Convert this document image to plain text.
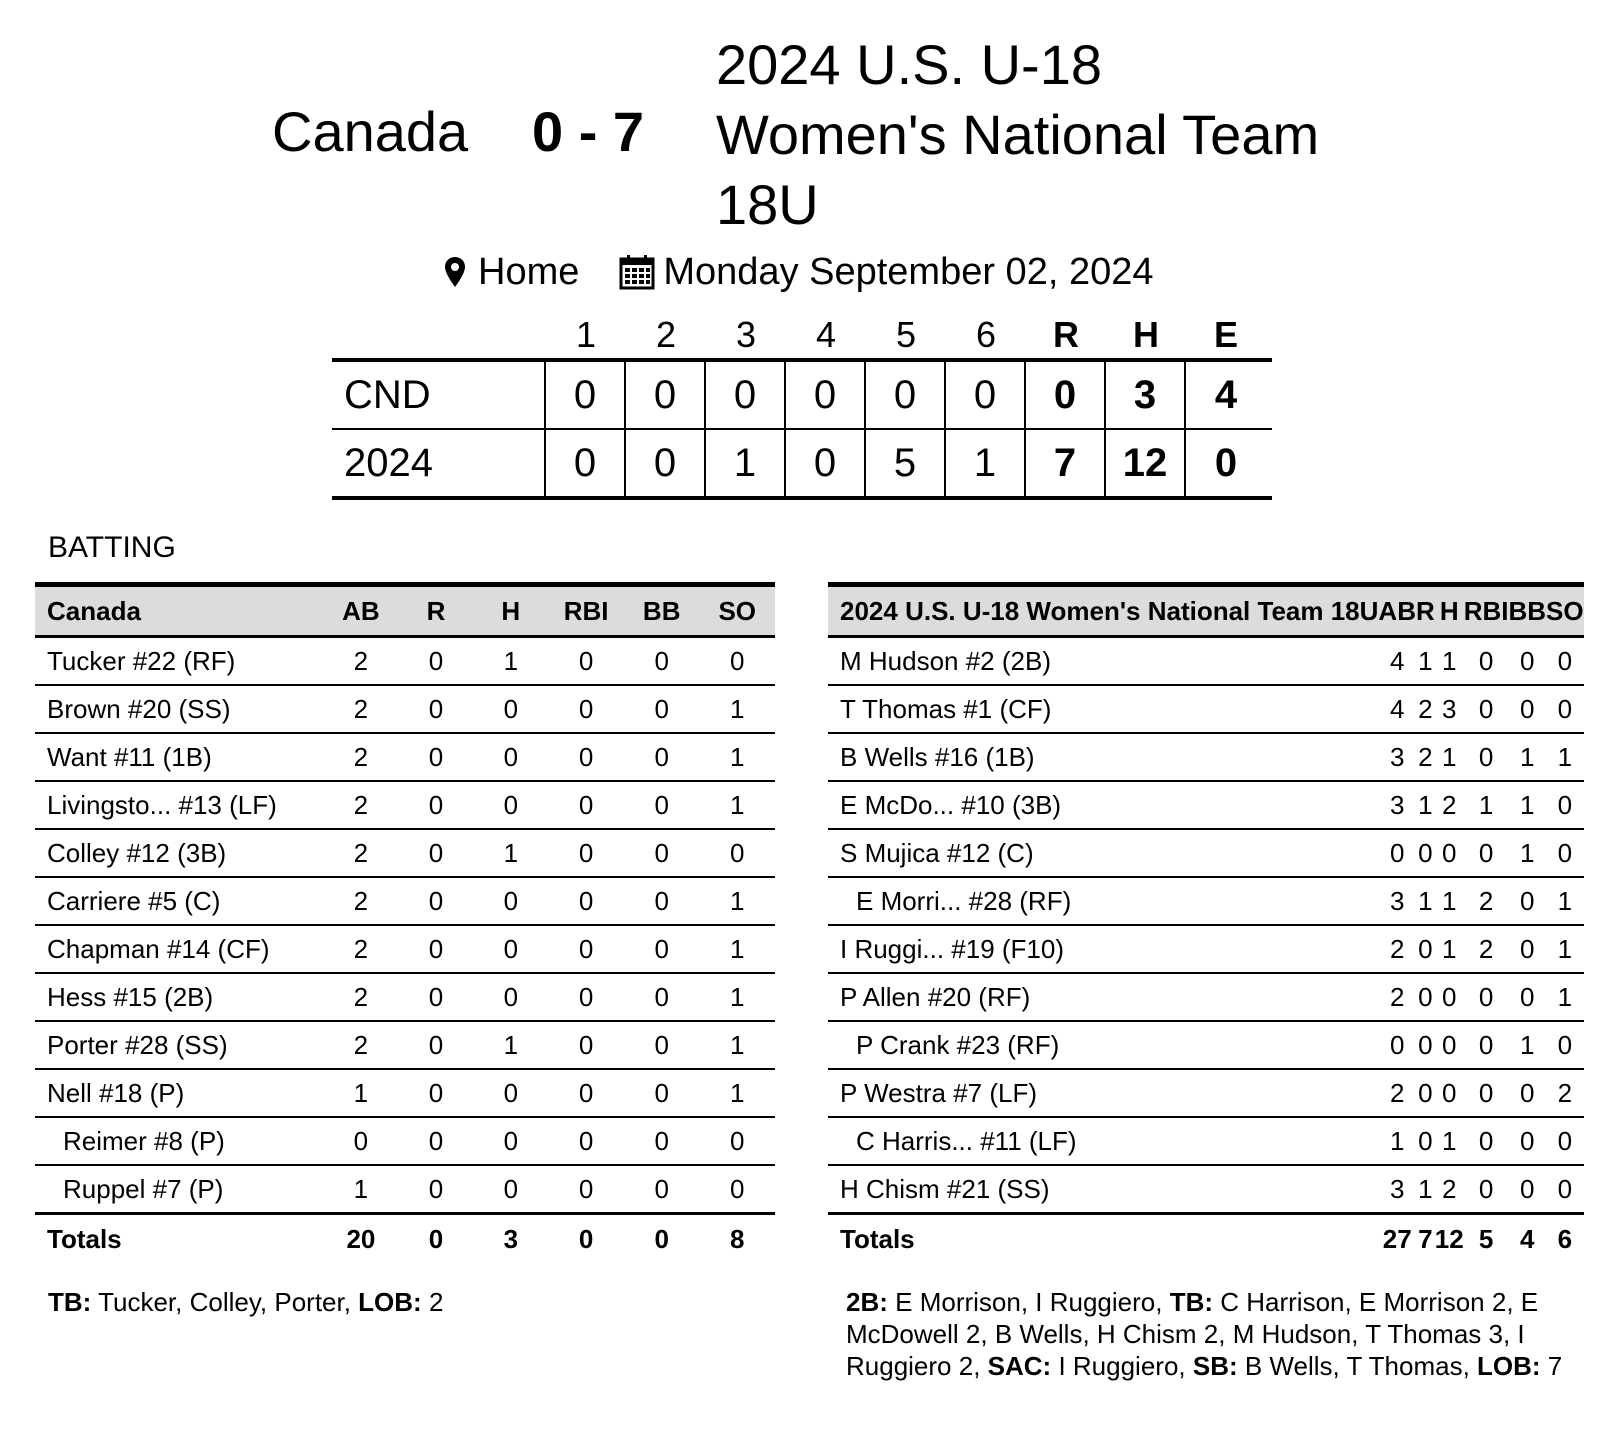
Canada 0 - 7
2024 U.S. U-18
Women's National Team
18U
Home Monday September 02, 2024
1	2	3	4	5	6	R	H	E
CND	0	0	0	0	0	0	0	3	4
2024	0	0	1	0	5	1	7	12	0
BATTING
Canada	AB	R	H	RBI	BB	SO
Tucker #22 (RF)	2	0	1	0	0	0
Brown #20 (SS)	2	0	0	0	0	1
Want #11 (1B)	2	0	0	0	0	1
Livingsto... #13 (LF)	2	0	0	0	0	1
Colley #12 (3B)	2	0	1	0	0	0
Carriere #5 (C)	2	0	0	0	0	1
Chapman #14 (CF)	2	0	0	0	0	1
Hess #15 (2B)	2	0	0	0	0	1
Porter #28 (SS)	2	0	1	0	0	1
Nell #18 (P)	1	0	0	0	0	1
Reimer #8 (P)	0	0	0	0	0	0
Ruppel #7 (P)	1	0	0	0	0	0
Totals	20	0	3	0	0	8
2024 U.S. U-18 Women's National Team 18U	AB	R	H	RBI	BB	SO
M Hudson #2 (2B)	4	1	1	0	0	0
T Thomas #1 (CF)	4	2	3	0	0	0
B Wells #16 (1B)	3	2	1	0	1	1
E McDo... #10 (3B)	3	1	2	1	1	0
S Mujica #12 (C)	0	0	0	0	1	0
E Morri... #28 (RF)	3	1	1	2	0	1
I Ruggi... #19 (F10)	2	0	1	2	0	1
P Allen #20 (RF)	2	0	0	0	0	1
P Crank #23 (RF)	0	0	0	0	1	0
P Westra #7 (LF)	2	0	0	0	0	2
C Harris... #11 (LF)	1	0	1	0	0	0
H Chism #21 (SS)	3	1	2	0	0	0
Totals	27	7	12	5	4	6
TB: Tucker, Colley, Porter, LOB: 2	2B: E Morrison, I Ruggiero, TB: C Harrison, E Morrison 2, E McDowell 2, B Wells, H Chism 2, M Hudson, T Thomas 3, I Ruggiero 2, SAC: I Ruggiero, SB: B Wells, T Thomas, LOB: 7
